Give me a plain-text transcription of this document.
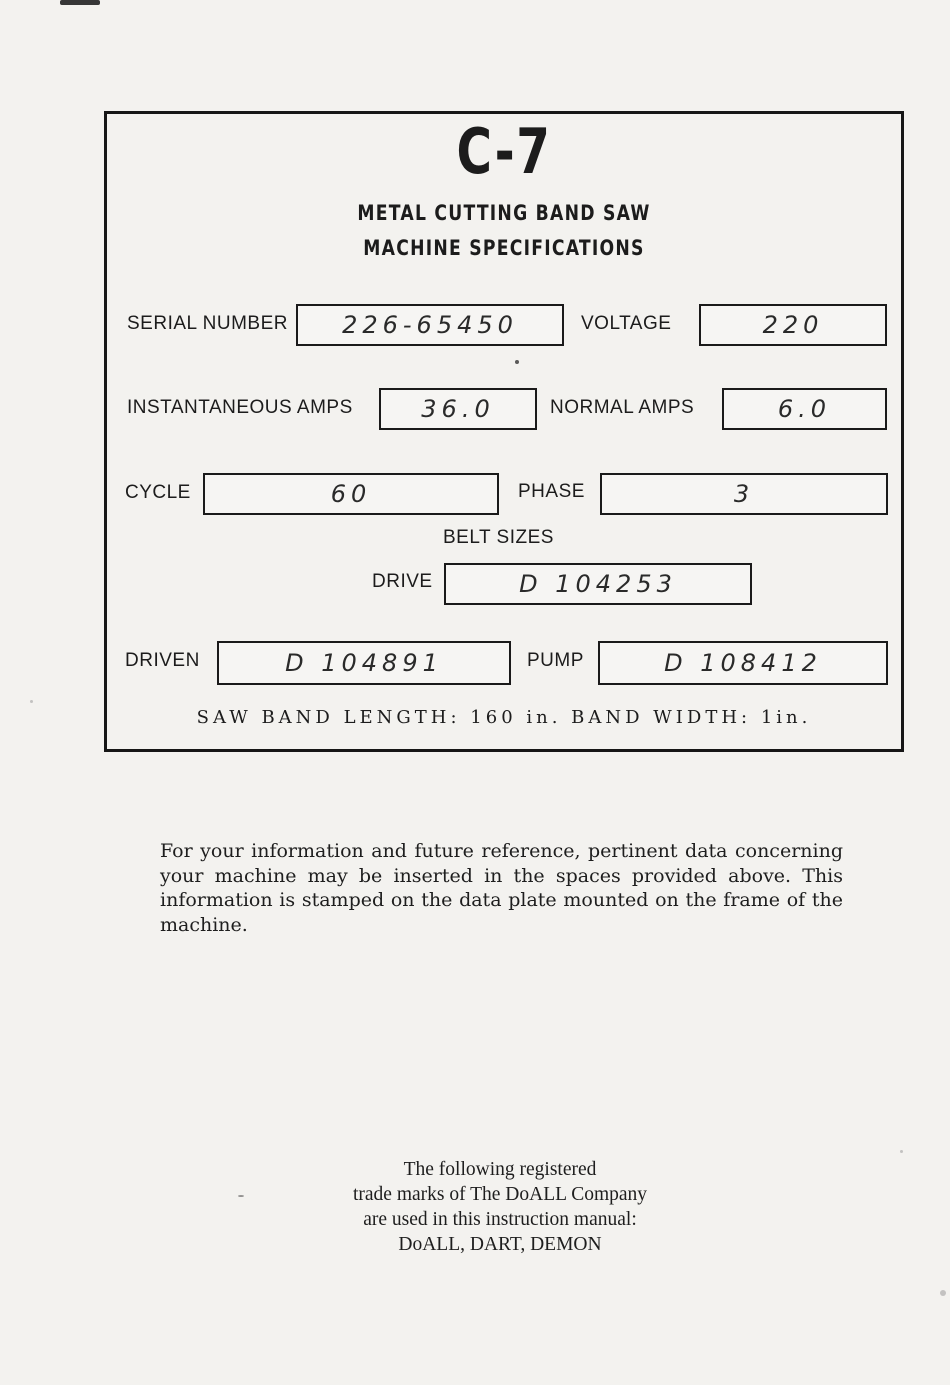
C-7
METAL CUTTING BAND SAW
MACHINE SPECIFICATIONS
SERIAL NUMBER	226-65450	VOLTAGE	220
INSTANTANEOUS AMPS	36.0	NORMAL AMPS	6.0
CYCLE	60	PHASE	3
BELT SIZES
DRIVE	D 104253
DRIVEN	D 104891	PUMP	D 108412
SAW BAND LENGTH: 160 in. BAND WIDTH: 1in.
For your information and future reference, pertinent data concerning your machine may be inserted in the spaces provided above. This information is stamped on the data plate mounted on the frame of the machine.
The following registered
trade marks of The DoALL Company
are used in this instruction manual:
DoALL, DART, DEMON
